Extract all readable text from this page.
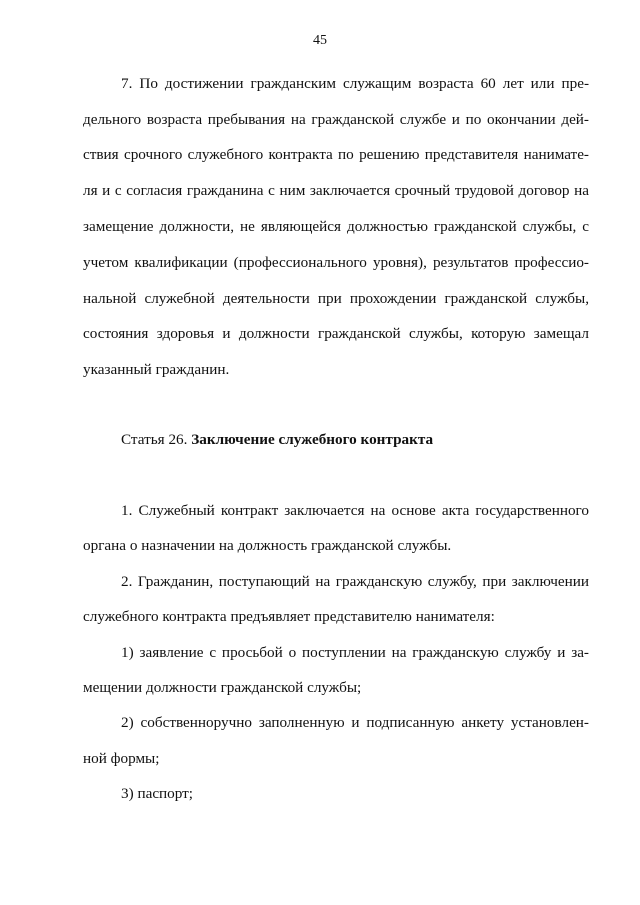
45
7. По достижении гражданским служащим возраста 60 лет или пре-
дельного возраста пребывания на гражданской службе и по окончании дей-
ствия срочного служебного контракта по решению представителя нанимате-
ля и с согласия гражданина с ним заключается срочный трудовой договор на
замещение должности, не являющейся должностью гражданской службы, с
учетом квалификации (профессионального уровня), результатов профессио-
нальной служебной деятельности при прохождении гражданской службы,
состояния здоровья и должности гражданской службы, которую замещал
указанный гражданин.
Статья 26. Заключение служебного контракта
1. Служебный контракт заключается на основе акта государственного
органа о назначении на должность гражданской службы.
2. Гражданин, поступающий на гражданскую службу, при заключении
служебного контракта предъявляет представителю нанимателя:
1) заявление с просьбой о поступлении на гражданскую службу и за-
мещении должности гражданской службы;
2) собственноручно заполненную и подписанную анкету установлен-
ной формы;
3) паспорт;
